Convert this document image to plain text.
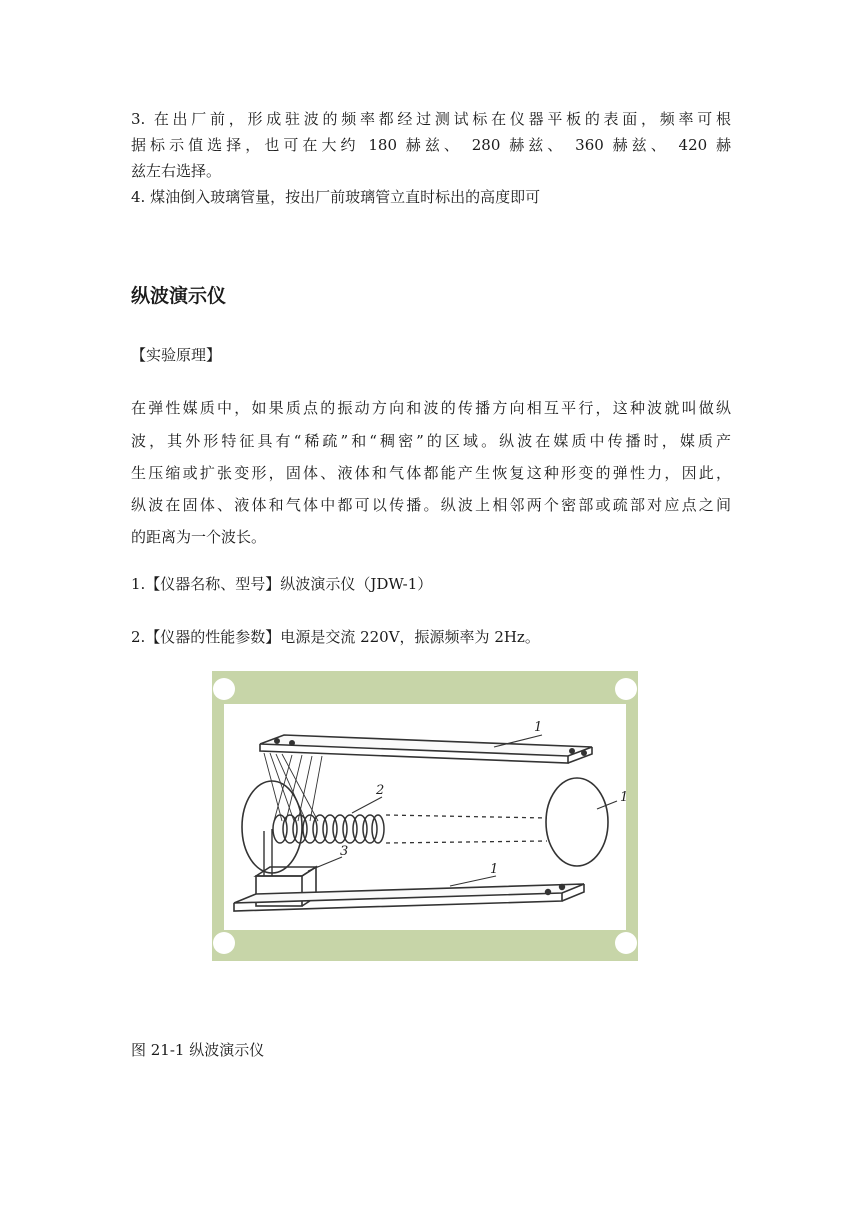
3. 在出厂前，形成驻波的频率都经过测试标在仪器平板的表面，频率可根
据标示值选择，也可在大约 180 赫兹、 280 赫兹、 360 赫兹、 420 赫
兹左右选择。
4. 煤油倒入玻璃管量，按出厂前玻璃管立直时标出的高度即可
纵波演示仪
【实验原理】
在弹性媒质中，如果质点的振动方向和波的传播方向相互平行，这种波就叫做纵
波，其外形特征具有“稀疏”和“稠密”的区域。纵波在媒质中传播时，媒质产
生压缩或扩张变形，固体、液体和气体都能产生恢复这种形变的弹性力，因此，
纵波在固体、液体和气体中都可以传播。纵波上相邻两个密部或疏部对应点之间
的距离为一个波长。
1.【仪器名称、型号】纵波演示仪（JDW-1）
2.【仪器的性能参数】电源是交流 220V，振源频率为 2Hz。
1
2	1
3
1
图 21-1 纵波演示仪
